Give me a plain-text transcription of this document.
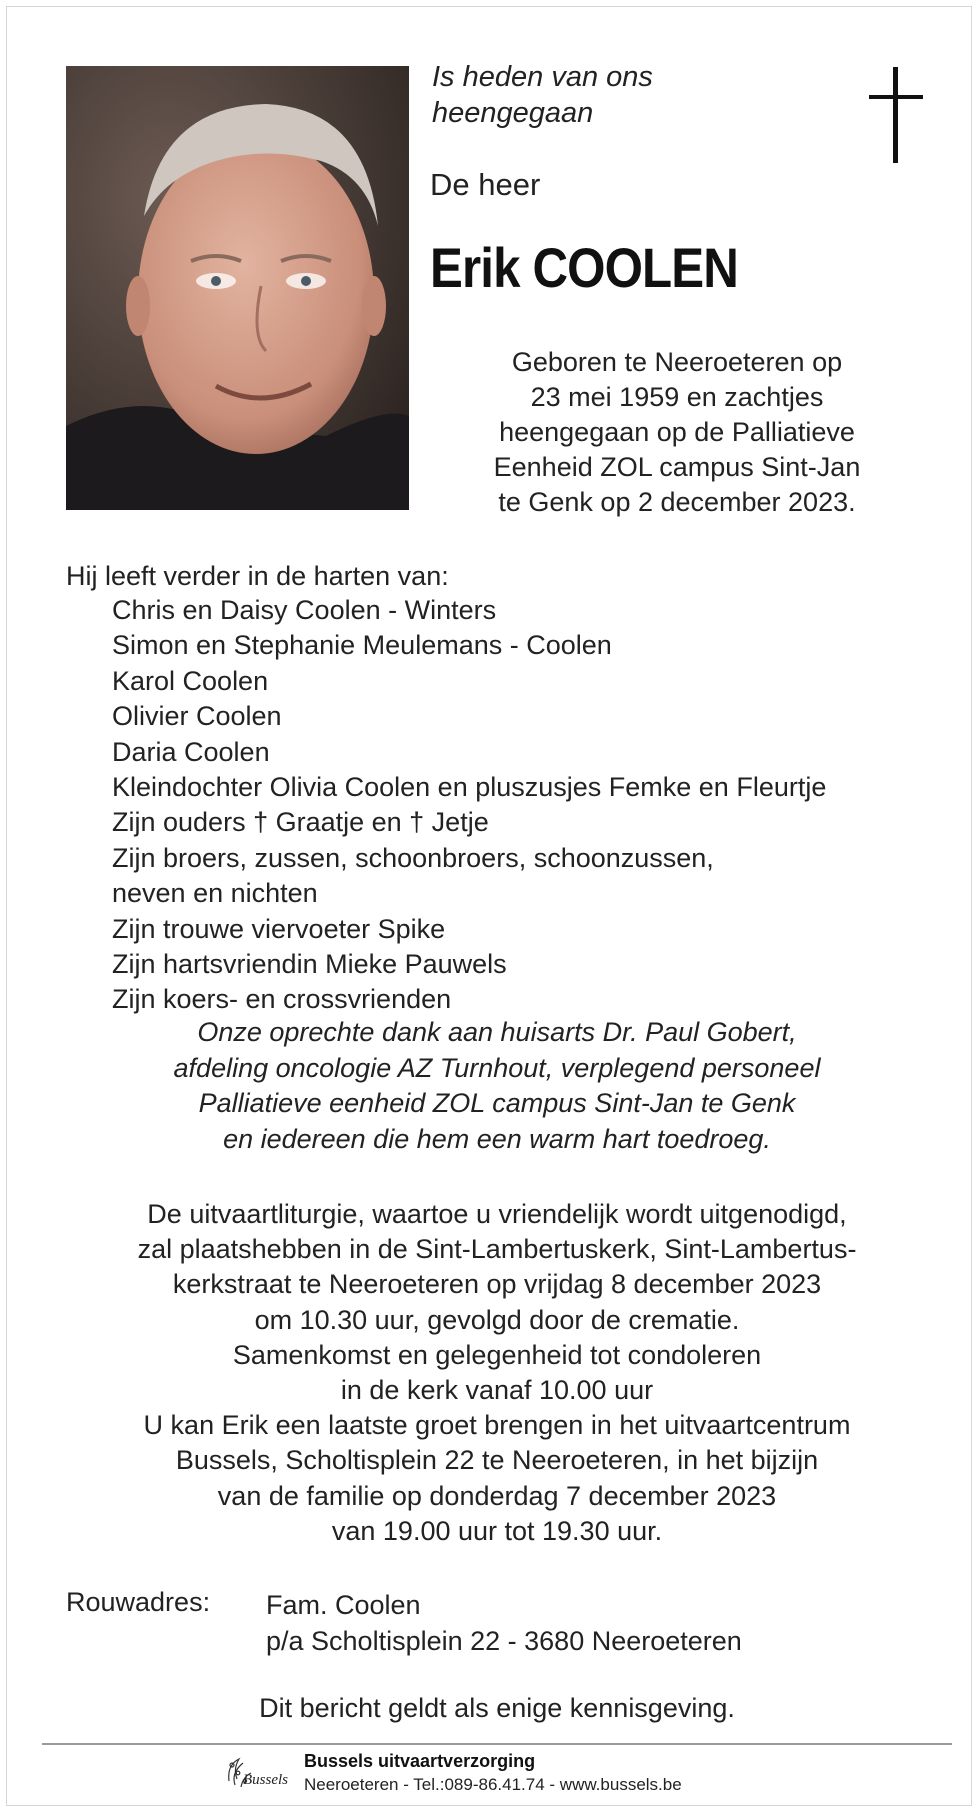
Is heden van ons
heengegaan
De heer
Erik COOLEN
Geboren te Neeroeteren op
23 mei 1959 en zachtjes
heengegaan op de Palliatieve
Eenheid ZOL campus Sint-Jan
te Genk op 2 december 2023.
Hij leeft verder in de harten van:
Chris en Daisy Coolen - Winters
Simon en Stephanie Meulemans - Coolen
Karol Coolen
Olivier Coolen
Daria Coolen
Kleindochter Olivia Coolen en pluszusjes Femke en Fleurtje
Zijn ouders † Graatje en † Jetje
Zijn broers, zussen, schoonbroers, schoonzussen,
neven en nichten
Zijn trouwe viervoeter Spike
Zijn hartsvriendin Mieke Pauwels
Zijn koers- en crossvrienden
Onze oprechte dank aan huisarts Dr. Paul Gobert,
afdeling oncologie AZ Turnhout, verplegend personeel
Palliatieve eenheid ZOL campus Sint-Jan te Genk
en iedereen die hem een warm hart toedroeg.
De uitvaartliturgie, waartoe u vriendelijk wordt uitgenodigd,
zal plaatshebben in de Sint-Lambertuskerk, Sint-Lambertus-
kerkstraat te Neeroeteren op vrijdag 8 december 2023
om 10.30 uur, gevolgd door de crematie.
Samenkomst en gelegenheid tot condoleren
in de kerk vanaf 10.00 uur
U kan Erik een laatste groet brengen in het uitvaartcentrum
Bussels, Scholtisplein 22 te Neeroeteren, in het bijzijn
van de familie op donderdag 7 december 2023
van 19.00 uur tot 19.30 uur.
Rouwadres: Fam. Coolen
p/a Scholtisplein 22 - 3680 Neeroeteren
Dit bericht geldt als enige kennisgeving.
Bussels
Bussels uitvaartverzorging
Neeroeteren - Tel.:089-86.41.74 - www.bussels.be
